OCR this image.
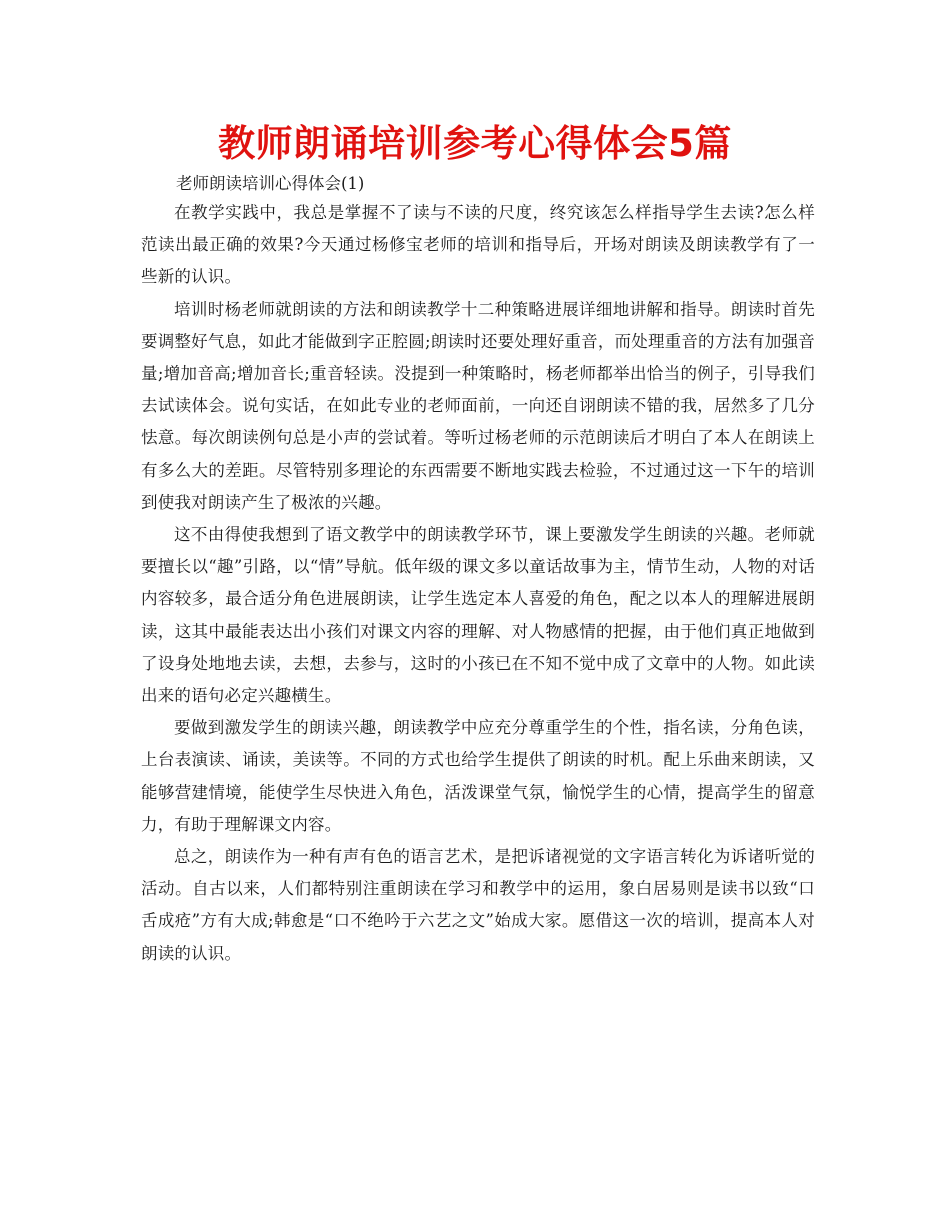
教师朗诵培训参考心得体会5篇

老师朗读培训心得体会(1)

在教学实践中，我总是掌握不了读与不读的尺度，终究该怎么样指导学生去读?怎么样范读出最正确的效果?今天通过杨修宝老师的培训和指导后，开场对朗读及朗读教学有了一些新的认识。

培训时杨老师就朗读的方法和朗读教学十二种策略进展详细地讲解和指导。朗读时首先要调整好气息，如此才能做到字正腔圆;朗读时还要处理好重音，而处理重音的方法有加强音量;增加音高;增加音长;重音轻读。没提到一种策略时，杨老师都举出恰当的例子，引导我们去试读体会。说句实话，在如此专业的老师面前，一向还自诩朗读不错的我，居然多了几分怯意。每次朗读例句总是小声的尝试着。等听过杨老师的示范朗读后才明白了本人在朗读上有多么大的差距。尽管特别多理论的东西需要不断地实践去检验，不过通过这一下午的培训到使我对朗读产生了极浓的兴趣。

这不由得使我想到了语文教学中的朗读教学环节，课上要激发学生朗读的兴趣。老师就要擅长以“趣”引路，以“情”导航。低年级的课文多以童话故事为主，情节生动，人物的对话内容较多，最合适分角色进展朗读，让学生选定本人喜爱的角色，配之以本人的理解进展朗读，这其中最能表达出小孩们对课文内容的理解、对人物感情的把握，由于他们真正地做到了设身处地地去读，去想，去参与，这时的小孩已在不知不觉中成了文章中的人物。如此读出来的语句必定兴趣横生。

要做到激发学生的朗读兴趣，朗读教学中应充分尊重学生的个性，指名读，分角色读，上台表演读、诵读，美读等。不同的方式也给学生提供了朗读的时机。配上乐曲来朗读，又能够营建情境，能使学生尽快进入角色，活泼课堂气氛，愉悦学生的心情，提高学生的留意力，有助于理解课文内容。

总之，朗读作为一种有声有色的语言艺术，是把诉诸视觉的文字语言转化为诉诸听觉的活动。自古以来，人们都特别注重朗读在学习和教学中的运用，象白居易则是读书以致“口舌成疮”方有大成;韩愈是“口不绝吟于六艺之文”始成大家。愿借这一次的培训，提高本人对朗读的认识。
